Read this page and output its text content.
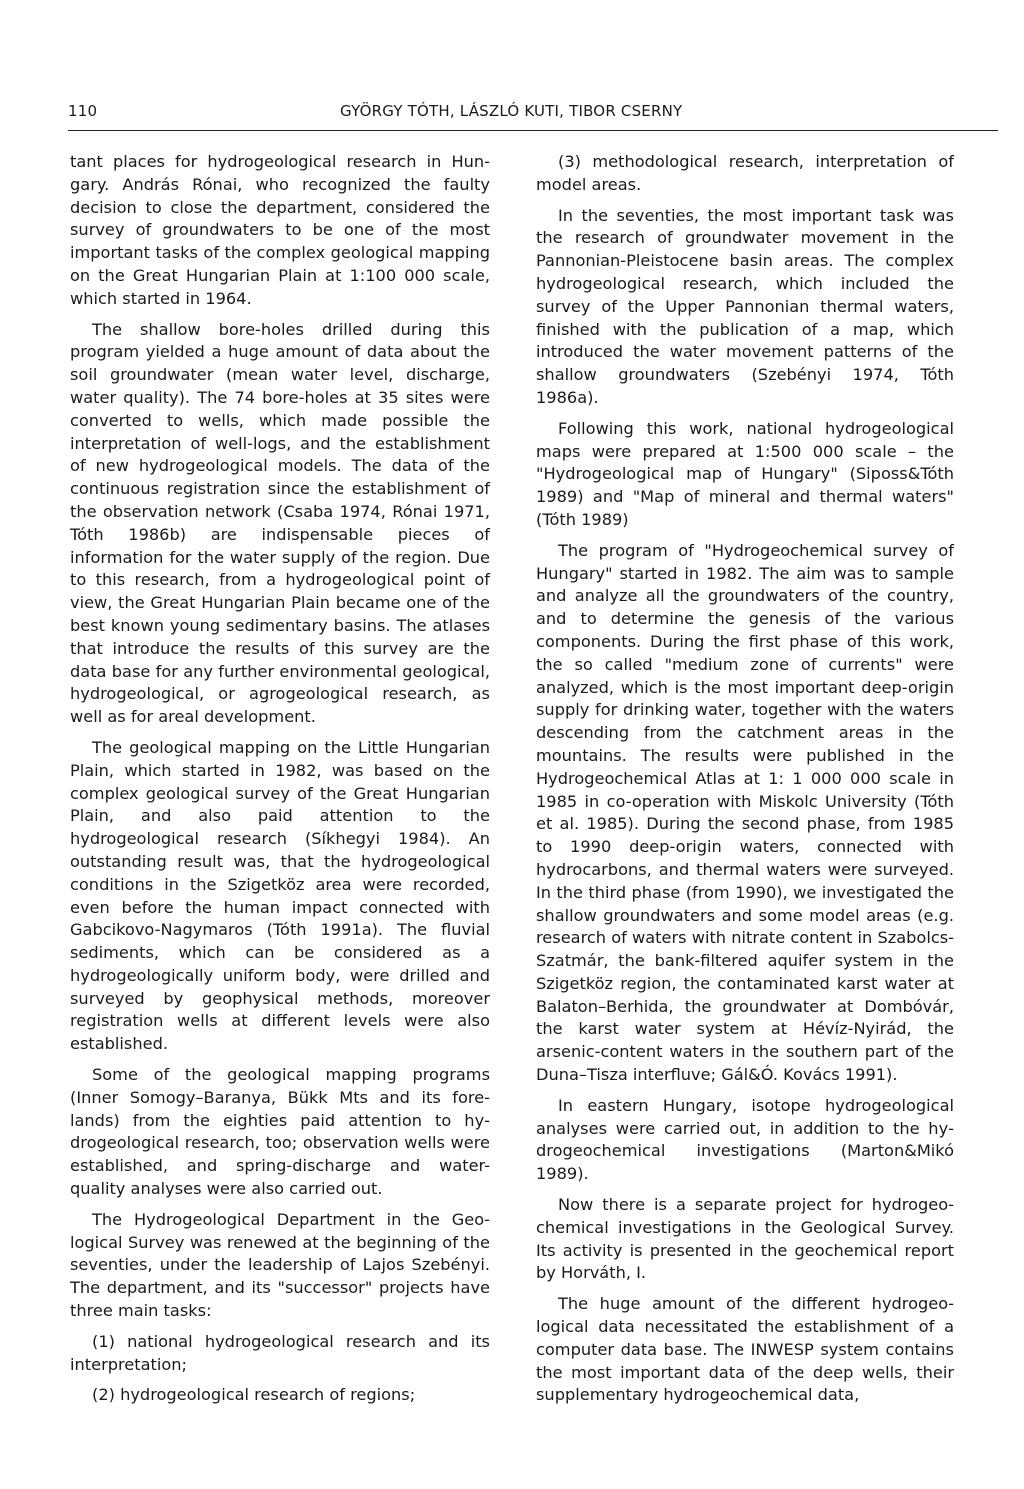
110	GYÖRGY TÓTH, LÁSZLÓ KUTI, TIBOR CSERNY

tant places for hydrogeological research in Hungary. András Rónai, who recognized the faulty decision to close the department, considered the survey of groundwaters to be one of the most important tasks of the complex geological mapping on the Great Hungarian Plain at 1:100 000 scale, which started in 1964.

The shallow bore-holes drilled during this program yielded a huge amount of data about the soil groundwater (mean water level, discharge, water quality). The 74 bore-holes at 35 sites were converted to wells, which made possible the interpretation of well-logs, and the establishment of new hydrogeological models. The data of the continuous registration since the establishment of the observation network (Csaba 1974, Rónai 1971, Tóth 1986b) are indispensable pieces of information for the water supply of the region. Due to this research, from a hydrogeological point of view, the Great Hungarian Plain became one of the best known young sedimentary basins. The atlases that introduce the results of this survey are the data base for any further environmental geological, hydrogeological, or agrogeological research, as well as for areal development.

The geological mapping on the Little Hungarian Plain, which started in 1982, was based on the complex geological survey of the Great Hungarian Plain, and also paid attention to the hydrogeological research (Síkhegyi 1984). An outstanding result was, that the hydrogeological conditions in the Szigetköz area were recorded, even before the human impact connected with Gabcikovo-Nagymaros (Tóth 1991a). The fluvial sediments, which can be considered as a hydrogeologically uniform body, were drilled and surveyed by geophysical methods, moreover registration wells at different levels were also established.

Some of the geological mapping programs (Inner Somogy–Baranya, Bükk Mts and its forelands) from the eighties paid attention to hydrogeological research, too; observation wells were established, and spring-discharge and water-quality analyses were also carried out.

The Hydrogeological Department in the Geological Survey was renewed at the beginning of the seventies, under the leadership of Lajos Szebényi. The department, and its "successor" projects have three main tasks:

(1) national hydrogeological research and its interpretation;

(2) hydrogeological research of regions;

(3) methodological research, interpretation of model areas.

In the seventies, the most important task was the research of groundwater movement in the Pannonian-Pleistocene basin areas. The complex hydrogeological research, which included the survey of the Upper Pannonian thermal waters, finished with the publication of a map, which introduced the water movement patterns of the shallow groundwaters (Szebényi 1974, Tóth 1986a).

Following this work, national hydrogeological maps were prepared at 1:500 000 scale – the "Hydrogeological map of Hungary" (Siposs&Tóth 1989) and "Map of mineral and thermal waters" (Tóth 1989)

The program of "Hydrogeochemical survey of Hungary" started in 1982. The aim was to sample and analyze all the groundwaters of the country, and to determine the genesis of the various components. During the first phase of this work, the so called "medium zone of currents" were analyzed, which is the most important deep-origin supply for drinking water, together with the waters descending from the catchment areas in the mountains. The results were published in the Hydrogeochemical Atlas at 1: 1 000 000 scale in 1985 in co-operation with Miskolc University (Tóth et al. 1985). During the second phase, from 1985 to 1990 deep-origin waters, connected with hydrocarbons, and thermal waters were surveyed. In the third phase (from 1990), we investigated the shallow groundwaters and some model areas (e.g. research of waters with nitrate content in Szabolcs-Szatmár, the bank-filtered aquifer system in the Szigetköz region, the contaminated karst water at Balaton–Berhida, the groundwater at Dombóvár, the karst water system at Hévíz-Nyirád, the arsenic-content waters in the southern part of the Duna–Tisza interfluve; Gál&Ó. Kovács 1991).

In eastern Hungary, isotope hydrogeological analyses were carried out, in addition to the hydrogeochemical investigations (Marton&Mikó 1989).

Now there is a separate project for hydrogeochemical investigations in the Geological Survey. Its activity is presented in the geochemical report by Horváth, I.

The huge amount of the different hydrogeological data necessitated the establishment of a computer data base. The INWESP system contains the most important data of the deep wells, their supplementary hydrogeochemical data,
